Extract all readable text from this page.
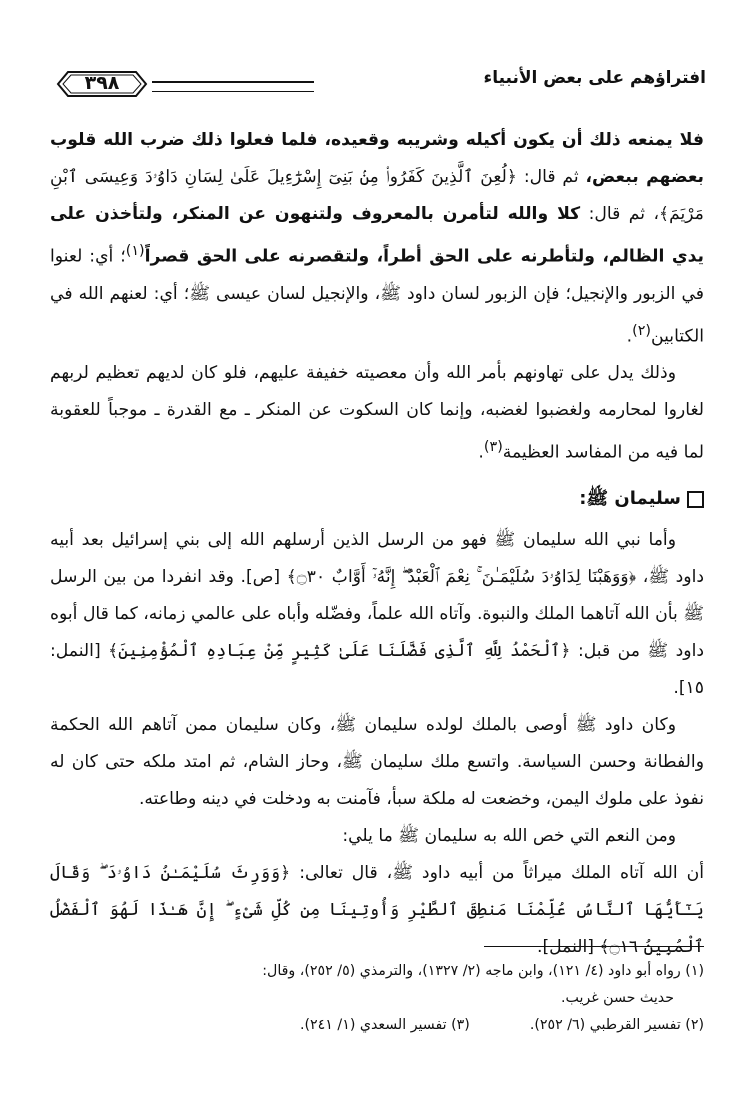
افتراؤهم على بعض الأنبياء
٣٩٨

فلا يمنعه ذلك أن يكون أكيله وشريبه وقعيده، فلما فعلوا ذلك ضرب الله قلوب بعضهم ببعض، ثم قال: ﴿لُعِنَ ٱلَّذِينَ كَفَرُوا۟ مِنۢ بَنِىٓ إِسْرَٰٓءِيلَ عَلَىٰ لِسَانِ دَاوُۥدَ وَعِيسَى ٱبْنِ مَرْيَمَ﴾، ثم قال: كلا والله لتأمرن بالمعروف ولتنهون عن المنكر، ولتأخذن على يدي الظالم، ولتأطرنه على الحق أطراً، ولتقصرنه على الحق قصراً$^{(١)}$؛ أي: لعنوا في الزبور والإنجيل؛ فإن الزبور لسان داود ﷺ، والإنجيل لسان عيسى ﷺ؛ أي: لعنهم الله في الكتابين$^{(٢)}$.

وذلك يدل على تهاونهم بأمر الله وأن معصيته خفيفة عليهم، فلو كان لديهم تعظيم لربهم لغاروا لمحارمه ولغضبوا لغضبه، وإنما كان السكوت عن المنكر ـ مع القدرة ـ موجباً للعقوبة لما فيه من المفاسد العظيمة$^{(٣)}$.

سليمان ﷺ:

وأما نبي الله سليمان ﷺ فهو من الرسل الذين أرسلهم الله إلى بني إسرائيل بعد أبيه داود ﷺ، ﴿وَوَهَبْنَا لِدَاوُۥدَ سُلَيْمَـٰنَ ۚ نِعْمَ ٱلْعَبْدُ ۖ إِنَّهُۥٓ أَوَّابٌ ۝٣٠﴾ [ص]. وقد انفردا من بين الرسل ﷺ بأن الله آتاهما الملك والنبوة. وآتاه الله علماً، وفضّله وأباه على عالمي زمانه، كما قال أبوه داود ﷺ من قبل: ﴿ٱلْحَمْدُ لِلَّهِ ٱلَّذِى فَضَّلَنَا عَلَىٰ كَثِيرٍ مِّنْ عِبَادِهِ ٱلْمُؤْمِنِينَ﴾ [النمل: ١٥].

وكان داود ﷺ أوصى بالملك لولده سليمان ﷺ، وكان سليمان ممن آتاهم الله الحكمة والفطانة وحسن السياسة. واتسع ملك سليمان ﷺ، وحاز الشام، ثم امتد ملكه حتى كان له نفوذ على ملوك اليمن، وخضعت له ملكة سبأ، فآمنت به ودخلت في دينه وطاعته.

ومن النعم التي خص الله به سليمان ﷺ ما يلي:

أن الله آتاه الملك ميراثاً من أبيه داود ﷺ، قال تعالى: ﴿وَوَرِثَ سُلَيْمَـٰنُ دَاوُۥدَ ۖ وَقَالَ يَـٰٓأَيُّهَا ٱلنَّاسُ عُلِّمْنَا مَنطِقَ ٱلطَّيْرِ وَأُوتِينَا مِن كُلِّ شَىْءٍ ۖ إِنَّ هَـٰذَا لَهُوَ ٱلْفَضْلُ ٱلْمُبِينُ ۝١٦﴾ [النمل].

(١) رواه أبو داود (٤/ ١٢١)، وابن ماجه (٢/ ١٣٢٧)، والترمذي (٥/ ٢٥٢)، وقال:
حديث حسن غريب.
(٢) تفسير القرطبي (٦/ ٢٥٢).
(٣) تفسير السعدي (١/ ٢٤١).
